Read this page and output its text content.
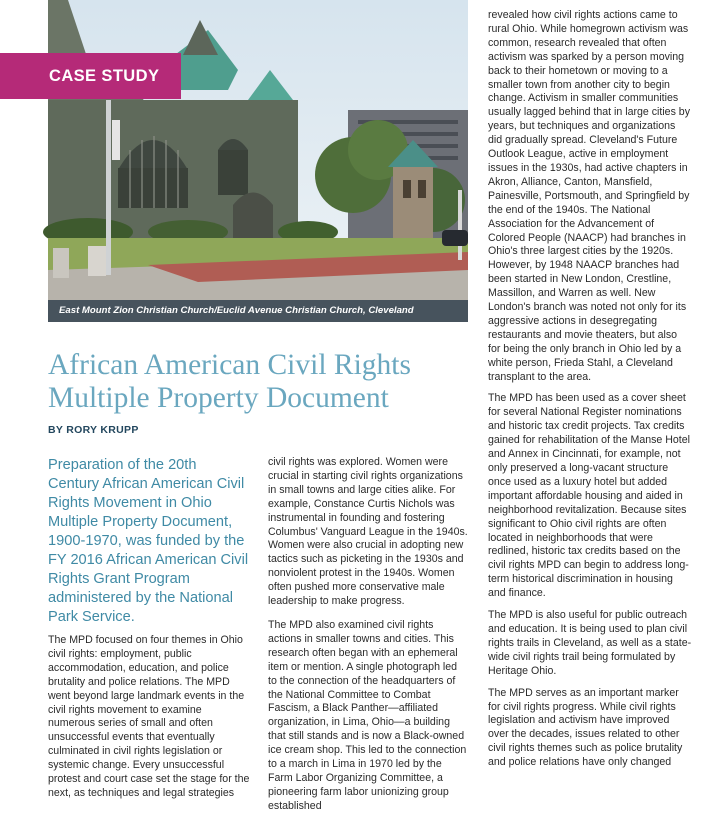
East Mount Zion Christian Church/Euclid Avenue Christian Church, Cleveland
CASE STUDY
African American Civil Rights
Multiple Property Document
BY RORY KRUPP

Preparation of the 20th Century African American Civil Rights Movement in Ohio Multiple Property Document, 1900-1970, was funded by the FY 2016 African American Civil Rights Grant Program administered by the National Park Service.

The MPD focused on four themes in Ohio civil rights: employment, public accommodation, education, and police brutality and police relations. The MPD went beyond large landmark events in the civil rights movement to examine numerous series of small and often unsuccessful events that eventually culminated in civil rights legislation or systemic change. Every unsuccessful protest and court case set the stage for the next, as techniques and legal strategies

civil rights was explored. Women were crucial in starting civil rights organizations in small towns and large cities alike. For example, Constance Curtis Nichols was instrumental in founding and fostering Columbus' Vanguard League in the 1940s. Women were also crucial in adopting new tactics such as picketing in the 1930s and nonviolent protest in the 1940s. Women often pushed more conservative male leadership to make progress.

The MPD also examined civil rights actions in smaller towns and cities. This research often began with an ephemeral item or mention. A single photograph led to the connection of the headquarters of the National Committee to Combat Fascism, a Black Panther—affiliated organization, in Lima, Ohio—a building that still stands and is now a Black-owned ice cream shop. This led to the connection to a march in Lima in 1970 led by the Farm Labor Organizing Committee, a pioneering farm labor unionizing group established

revealed how civil rights actions came to rural Ohio. While homegrown activism was common, research revealed that often activism was sparked by a person moving back to their hometown or moving to a smaller town from another city to begin change. Activism in smaller communities usually lagged behind that in large cities by years, but techniques and organizations did gradually spread. Cleveland's Future Outlook League, active in employment issues in the 1930s, had active chapters in Akron, Alliance, Canton, Mansfield, Painesville, Portsmouth, and Springfield by the end of the 1940s. The National Association for the Advancement of Colored People (NAACP) had branches in Ohio's three largest cities by the 1920s. However, by 1948 NAACP branches had been started in New London, Crestline, Massillon, and Warren as well. New London's branch was noted not only for its aggressive actions in desegregating restaurants and movie theaters, but also for being the only branch in Ohio led by a white person, Frieda Stahl, a Cleveland transplant to the area.

The MPD has been used as a cover sheet for several National Register nominations and historic tax credit projects. Tax credits gained for rehabilitation of the Manse Hotel and Annex in Cincinnati, for example, not only preserved a long-vacant structure once used as a luxury hotel but added important affordable housing and aided in neighborhood revitalization. Because sites significant to Ohio civil rights are often located in neighborhoods that were redlined, historic tax credits based on the civil rights MPD can begin to address long-term historical discrimination in housing and finance.

The MPD is also useful for public outreach and education. It is being used to plan civil rights trails in Cleveland, as well as a state-wide civil rights trail being formulated by Heritage Ohio.

The MPD serves as an important marker for civil rights progress. While civil rights legislation and activism have improved over the decades, issues related to other civil rights themes such as police brutality and police relations have only changed
